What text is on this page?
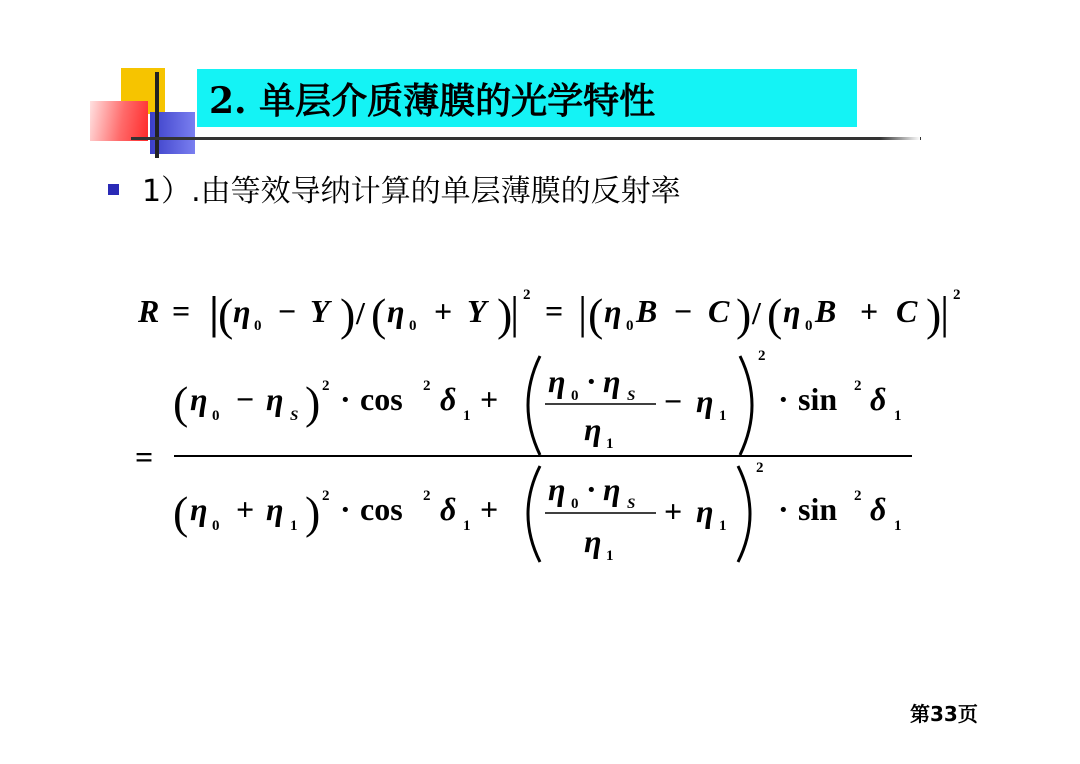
2. 单层介质薄膜的光学特性
1）.由等效导纳计算的单层薄膜的反射率
R = |
( η 0 − Y ) / ( η 0 + Y )
| 2 = | ( η 0 B − C ) / ( η 0 B + C )
| 2
=
( η 0 − η S ) 2 · cos 2 δ 1 +
2
η 0 · η S
η 1
− η 1 · sin 2 δ 1
( η 0 + η 1 ) 2 · cos 2 δ 1 +
2
η 0 · η S
η 1
+ η 1 · sin 2 δ 1
第33页
